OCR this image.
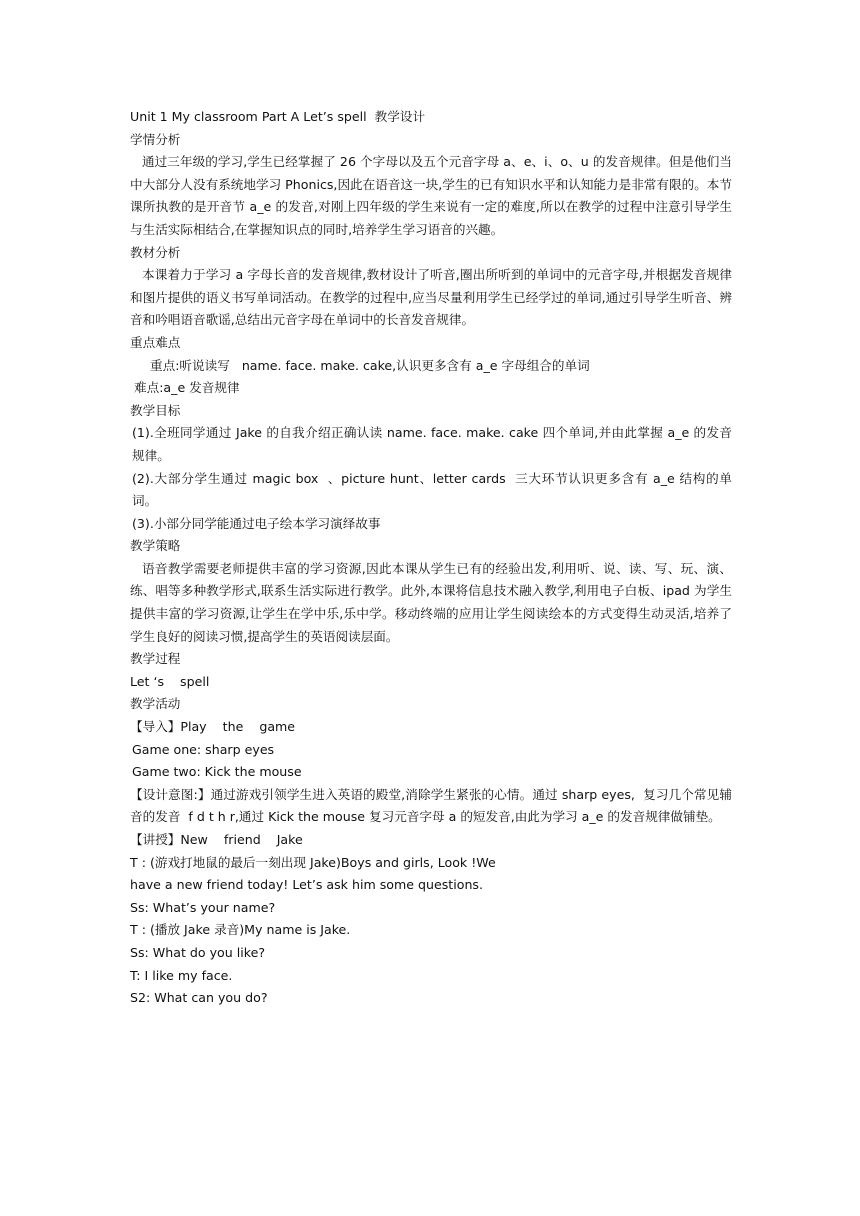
Unit 1 My classroom Part A Let’s spell  教学设计

学情分析

通过三年级的学习,学生已经掌握了 26 个字母以及五个元音字母 a、e、i、o、u 的发音规律。但是他们当中大部分人没有系统地学习 Phonics,因此在语音这一块,学生的已有知识水平和认知能力是非常有限的。本节课所执教的是开音节 a_e 的发音,对刚上四年级的学生来说有一定的难度,所以在教学的过程中注意引导学生与生活实际相结合,在掌握知识点的同时,培养学生学习语音的兴趣。

教材分析

本课着力于学习 a 字母长音的发音规律,教材设计了听音,圈出所听到的单词中的元音字母,并根据发音规律和图片提供的语义书写单词活动。在教学的过程中,应当尽量利用学生已经学过的单词,通过引导学生听音、辨音和吟唱语音歌谣,总结出元音字母在单词中的长音发音规律。

重点难点

重点:听说读写   name. face. make. cake,认识更多含有 a_e 字母组合的单词

难点:a_e 发音规律

教学目标

(1).全班同学通过 Jake 的自我介绍正确认读 name. face. make. cake 四个单词,并由此掌握 a_e 的发音规律。

(2).大部分学生通过 magic box  、picture hunt、letter cards  三大环节认识更多含有 a_e 结构的单词。

(3).小部分同学能通过电子绘本学习演绎故事

教学策略

语音教学需要老师提供丰富的学习资源,因此本课从学生已有的经验出发,利用听、说、读、写、玩、演、练、唱等多种教学形式,联系生活实际进行教学。此外,本课将信息技术融入教学,利用电子白板、ipad 为学生提供丰富的学习资源,让学生在学中乐,乐中学。移动终端的应用让学生阅读绘本的方式变得生动灵活,培养了学生良好的阅读习惯,提高学生的英语阅读层面。

教学过程

Let ‘s    spell

教学活动

【导入】Play    the    game

Game one: sharp eyes

Game two: Kick the mouse

【设计意图:】通过游戏引领学生进入英语的殿堂,消除学生紧张的心情。通过 sharp eyes,  复习几个常见辅音的发音  f d t h r,通过 Kick the mouse 复习元音字母 a 的短发音,由此为学习 a_e 的发音规律做铺垫。

【讲授】New    friend    Jake

T : (游戏打地鼠的最后一刻出现 Jake)Boys and girls, Look !We

have a new friend today! Let’s ask him some questions.

Ss: What’s your name?

T : (播放 Jake 录音)My name is Jake.

Ss: What do you like?

T: I like my face.

S2: What can you do?
